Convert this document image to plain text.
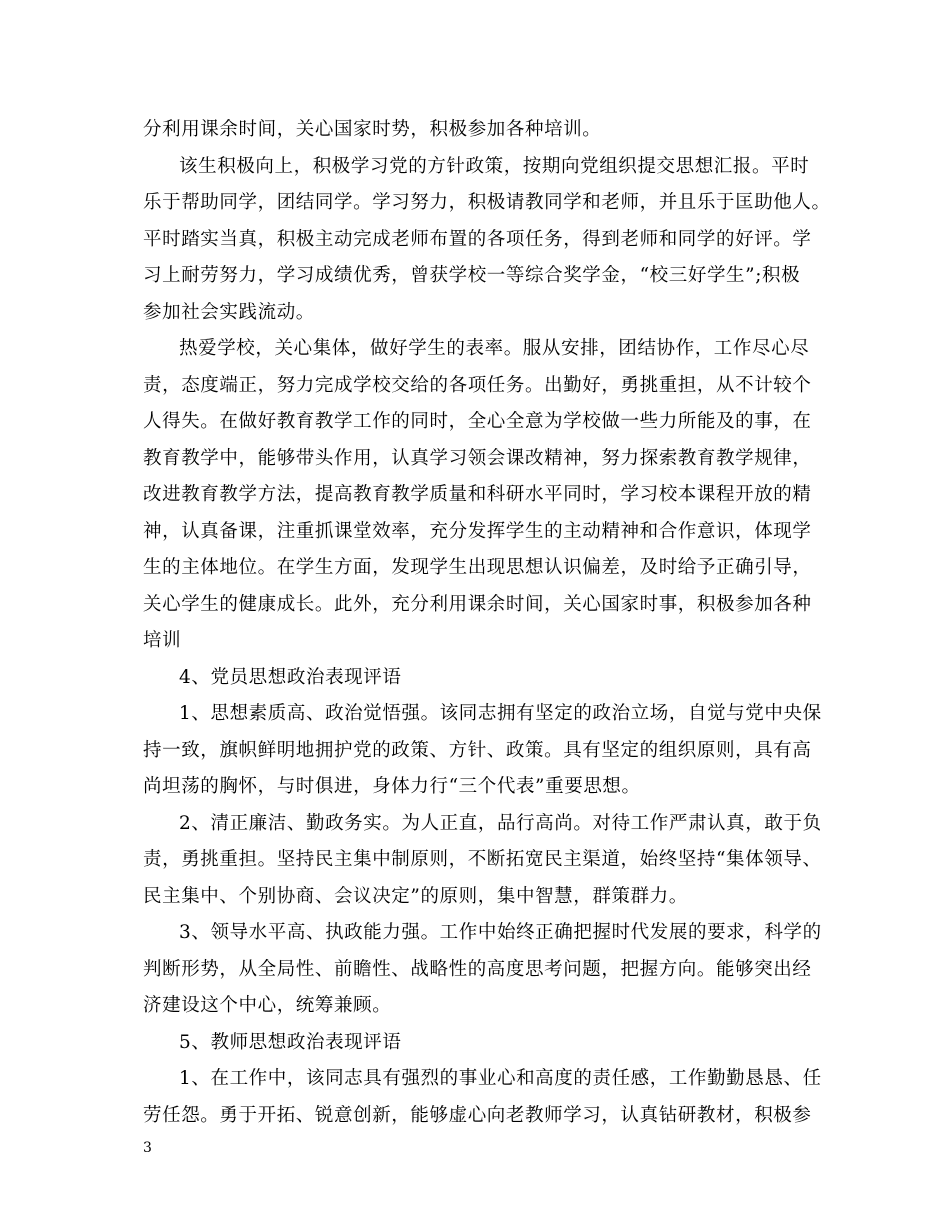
分利用课余时间，关心国家时势，积极参加各种培训。
该生积极向上，积极学习党的方针政策，按期向党组织提交思想汇报。平时
乐于帮助同学，团结同学。学习努力，积极请教同学和老师，并且乐于匡助他人。
平时踏实当真，积极主动完成老师布置的各项任务，得到老师和同学的好评。学
习上耐劳努力，学习成绩优秀，曾获学校一等综合奖学金，“校三好学生”;积极
参加社会实践流动。
热爱学校，关心集体，做好学生的表率。服从安排，团结协作，工作尽心尽
责，态度端正，努力完成学校交给的各项任务。出勤好，勇挑重担，从不计较个
人得失。在做好教育教学工作的同时，全心全意为学校做一些力所能及的事，在
教育教学中，能够带头作用，认真学习领会课改精神，努力探索教育教学规律，
改进教育教学方法，提高教育教学质量和科研水平同时，学习校本课程开放的精
神，认真备课，注重抓课堂效率，充分发挥学生的主动精神和合作意识，体现学
生的主体地位。在学生方面，发现学生出现思想认识偏差，及时给予正确引导，
关心学生的健康成长。此外，充分利用课余时间，关心国家时事，积极参加各种
培训
4、党员思想政治表现评语
1、思想素质高、政治觉悟强。该同志拥有坚定的政治立场，自觉与党中央保
持一致，旗帜鲜明地拥护党的政策、方针、政策。具有坚定的组织原则，具有高
尚坦荡的胸怀，与时俱进，身体力行“三个代表”重要思想。
2、清正廉洁、勤政务实。为人正直，品行高尚。对待工作严肃认真，敢于负
责，勇挑重担。坚持民主集中制原则，不断拓宽民主渠道，始终坚持“集体领导、
民主集中、个别协商、会议决定”的原则，集中智慧，群策群力。
3、领导水平高、执政能力强。工作中始终正确把握时代发展的要求，科学的
判断形势，从全局性、前瞻性、战略性的高度思考问题，把握方向。能够突出经
济建设这个中心，统筹兼顾。
5、教师思想政治表现评语
1、在工作中，该同志具有强烈的事业心和高度的责任感，工作勤勤恳恳、任
劳任怨。勇于开拓、锐意创新，能够虚心向老教师学习，认真钻研教材，积极参
3
